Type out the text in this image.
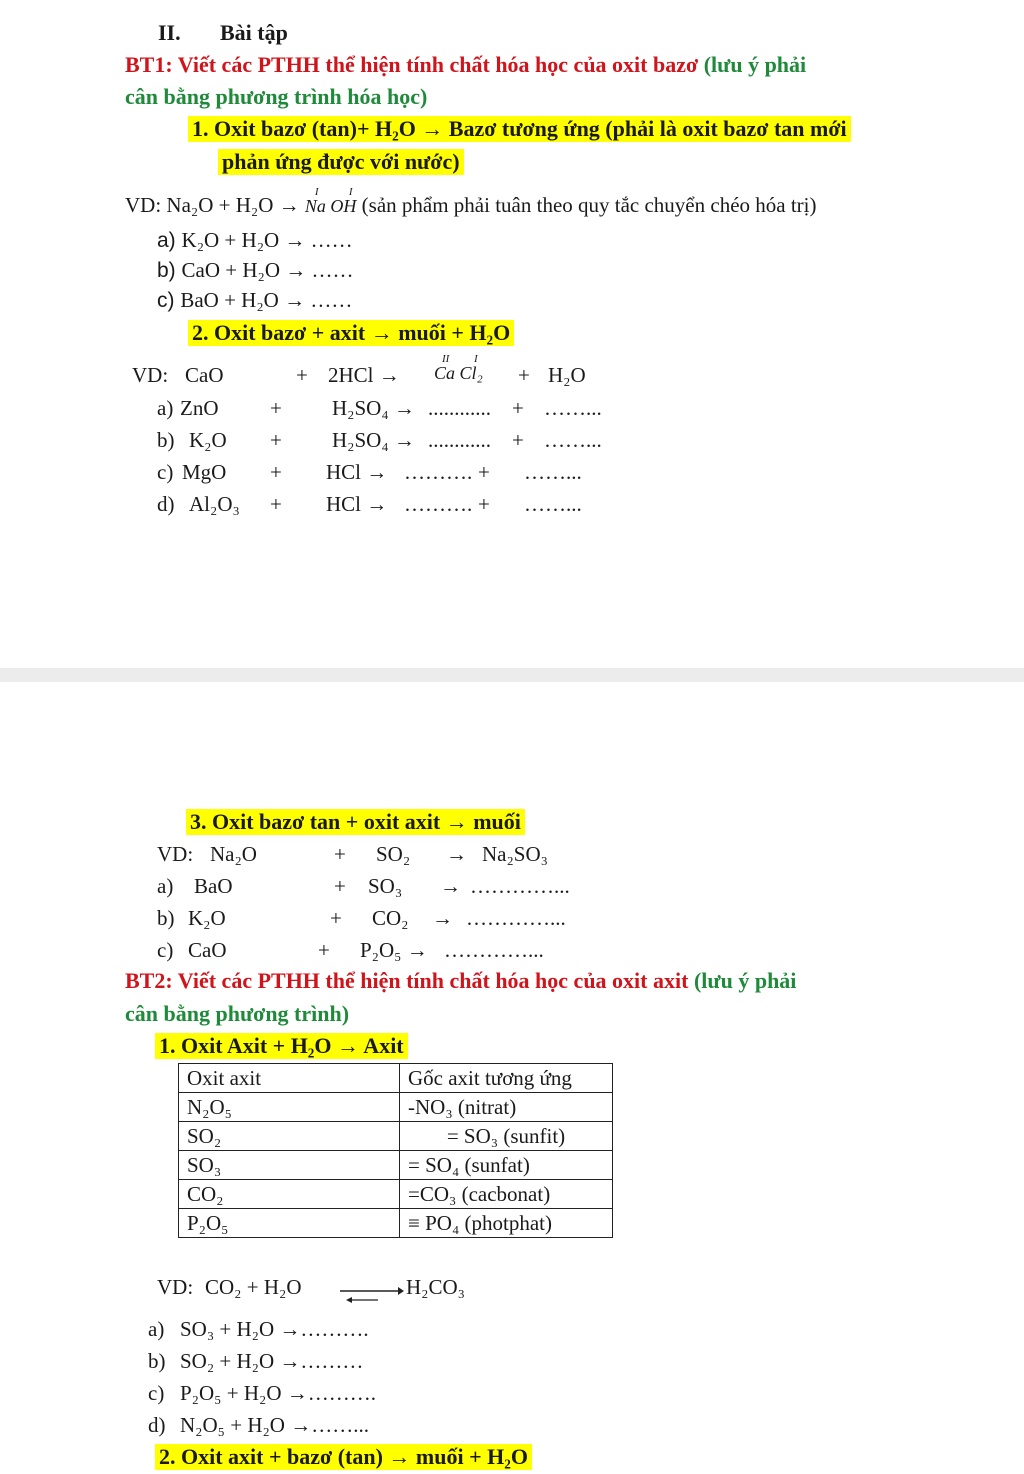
II. Bài tập
BT1: Viết các PTHH thể hiện tính chất hóa học của oxit bazơ (lưu ý phải
cân bằng phương trình hóa học)
1. Oxit bazơ (tan)+ H₂O → Bazơ tương ứng (phải là oxit bazơ tan mới
phản ứng được với nước)
VD: Na₂O + H₂O →
I	I
Na OH (sản phẩm phải tuân theo quy tắc chuyển chéo hóa trị)
a) K₂O + H₂O → ……
b) CaO + H₂O → ……
c) BaO + H₂O → ……
2. Oxit bazơ + axit → muối + H₂O
VD: CaO	+ 2HCl →
II I
Ca Cl₂ + H₂O
a) ZnO + H₂SO₄ → ............ + ……...
b) K₂O + H₂SO₄ → ............ + ……...
c) MgO + HCl → ………. + ……...
d) Al₂O₃ + HCl → ………. + ……...
3. Oxit bazơ tan + oxit axit → muối
VD: Na₂O	+ SO₂ → Na₂SO₃
a) BaO	+ SO₃ → …………...
b) K₂O	+ CO₂ → …………...
c) CaO	+ P₂O₅ → …………...
BT2: Viết các PTHH thể hiện tính chất hóa học của oxit axit (lưu ý phải
cân bằng phương trình)
1. Oxit Axit + H₂O → Axit
Oxit axit	Gốc axit tương ứng
N₂O₅	-NO₃ (nitrat)
SO₂	= SO₃ (sunfit)
SO₃	= SO₄ (sunfat)
CO₂	=CO₃ (cacbonat)
P₂O₅	≡ PO₄ (photphat)
VD: CO₂ + H₂O	H₂CO₃
a) SO₃ + H₂O →……….
b) SO₂ + H₂O →………
c) P₂O₅ + H₂O →……….
d) N₂O₅ + H₂O →……...
2. Oxit axit + bazơ (tan) → muối + H₂O
